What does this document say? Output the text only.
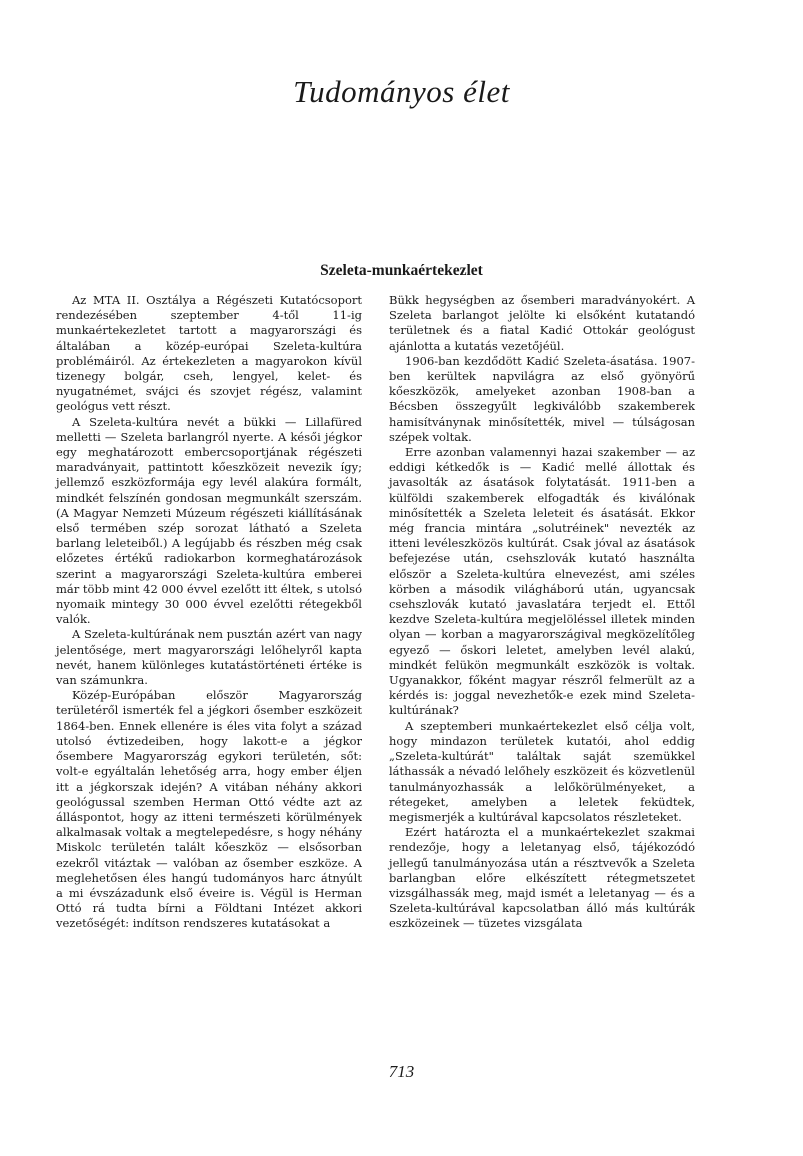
Tudományos élet
Szeleta-munkaértekezlet

Az MTA II. Osztálya a Régészeti Kutatócsoport rendezésében szeptember 4-től 11-ig munkaértekezletet tartott a magyarországi és általában a közép-európai Szeleta-kultúra problémáiról. Az értekezleten a magyarokon kívül tizenegy bolgár, cseh, lengyel, kelet- és nyugatnémet, svájci és szovjet régész, valamint geológus vett részt.

A Szeleta-kultúra nevét a bükki — Lillafüred melletti — Szeleta barlangról nyerte. A késői jégkor egy meghatározott embercsoportjának régészeti maradványait, pattintott kőeszközeit nevezik így; jellemző eszközformája egy levél alakúra formált, mindkét felszínén gondosan megmunkált szerszám. (A Magyar Nemzeti Múzeum régészeti kiállításának első termében szép sorozat látható a Szeleta barlang leleteiből.) A legújabb és részben még csak előzetes értékű radiokarbon kormeghatározások szerint a magyarországi Szeleta-kultúra emberei már több mint 42 000 évvel ezelőtt itt éltek, s utolsó nyomaik mintegy 30 000 évvel ezelőtti rétegekből valók.

A Szeleta-kultúrának nem pusztán azért van nagy jelentősége, mert magyarországi lelőhelyről kapta nevét, hanem különleges kutatástörténeti értéke is van számunkra.

Közép-Európában először Magyarország területéről ismerték fel a jégkori ősember eszközeit 1864-ben. Ennek ellenére is éles vita folyt a század utolsó évtizedeiben, hogy lakott-e a jégkor ősembere Magyarország egykori területén, sőt: volt-e egyáltalán lehetőség arra, hogy ember éljen itt a jégkorszak idején? A vitában néhány akkori geológussal szemben Herman Ottó védte azt az álláspontot, hogy az itteni természeti körülmények alkalmasak voltak a megtelepedésre, s hogy néhány Miskolc területén talált kőeszköz — elsősorban ezekről vitáztak — valóban az ősember eszköze. A meglehetősen éles hangú tudományos harc átnyúlt a mi évszázadunk első éveire is. Végül is Herman Ottó rá tudta bírni a Földtani Intézet akkori vezetőségét: indítson rendszeres kutatásokat a

Bükk hegységben az ősemberi maradványokért. A Szeleta barlangot jelölte ki elsőként kutatandó területnek és a fiatal Kadić Ottokár geológust ajánlotta a kutatás vezetőjéül.

1906-ban kezdődött Kadić Szeleta-ásatása. 1907-ben kerültek napvilágra az első gyönyörű kőeszközök, amelyeket azonban 1908-ban a Bécsben összegyűlt legkiválóbb szakemberek hamisítványnak minősítették, mivel — túlságosan szépek voltak.

Erre azonban valamennyi hazai szakember — az eddigi kétkedők is — Kadić mellé állottak és javasolták az ásatások folytatását. 1911-ben a külföldi szakemberek elfogadták és kiválónak minősítették a Szeleta leleteit és ásatását. Ekkor még francia mintára „solutréinek" nevezték az itteni levéleszközös kultúrát. Csak jóval az ásatások befejezése után, csehszlovák kutató használta először a Szeleta-kultúra elnevezést, ami széles körben a második világháború után, ugyancsak csehszlovák kutató javaslatára terjedt el. Ettől kezdve Szeleta-kultúra megjelöléssel illetek minden olyan — korban a magyarországival megközelítőleg egyező — őskori leletet, amelyben levél alakú, mindkét felükön megmunkált eszközök is voltak. Ugyanakkor, főként magyar részről felmerült az a kérdés is: joggal nevezhetők-e ezek mind Szeleta-kultúrának?

A szeptemberi munkaértekezlet első célja volt, hogy mindazon területek kutatói, ahol eddig „Szeleta-kultúrát" találtak saját szemükkel láthassák a névadó lelőhely eszközeit és közvetlenül tanulmányozhassák a lelőkörülményeket, a rétegeket, amelyben a leletek feküdtek, megismerjék a kultúrával kapcsolatos részleteket.

Ezért határozta el a munkaértekezlet szakmai rendezője, hogy a leletanyag első, tájékozódó jellegű tanulmányozása után a résztvevők a Szeleta barlangban előre elkészített rétegmetszetet vizsgálhassák meg, majd ismét a leletanyag — és a Szeleta-kultúrával kapcsolatban álló más kultúrák eszközeinek — tüzetes vizsgálata

713
